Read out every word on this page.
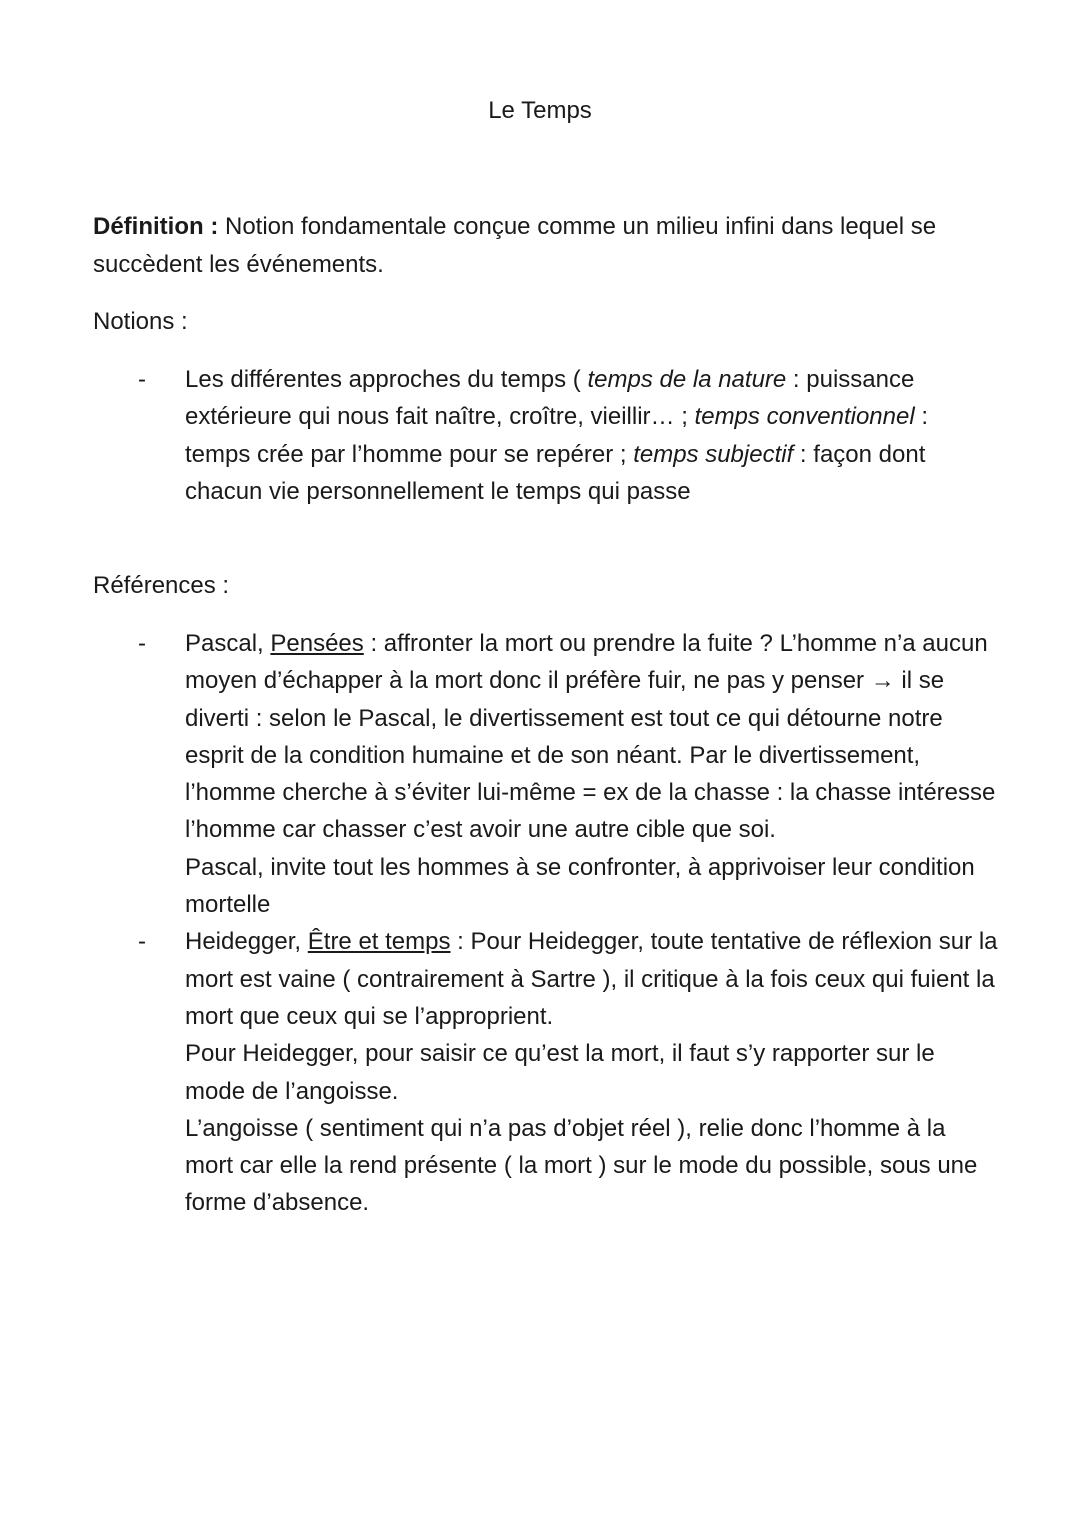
Le Temps
Définition : Notion fondamentale conçue comme un milieu infini dans lequel se succèdent les événements.
Notions :
- Les différentes approches du temps ( temps de la nature : puissance extérieure qui nous fait naître, croître, vieillir… ; temps conventionnel : temps crée par l’homme pour se repérer ; temps subjectif : façon dont chacun vie personnellement le temps qui passe
Références :
- Pascal, Pensées : affronter la mort ou prendre la fuite ? L’homme n’a aucun moyen d’échapper à la mort donc il préfère fuir, ne pas y penser → il se diverti : selon le Pascal, le divertissement est tout ce qui détourne notre esprit de la condition humaine et de son néant. Par le divertissement, l’homme cherche à s’éviter lui-même = ex de la chasse : la chasse intéresse l’homme car chasser c’est avoir une autre cible que soi.
Pascal, invite tout les hommes à se confronter, à apprivoiser leur condition mortelle
- Heidegger, Être et temps : Pour Heidegger, toute tentative de réflexion sur la mort est vaine ( contrairement à Sartre ), il critique à la fois ceux qui fuient la mort que ceux qui se l’approprient.
Pour Heidegger, pour saisir ce qu’est la mort, il faut s’y rapporter sur le mode de l’angoisse.
L’angoisse ( sentiment qui n’a pas d’objet réel ), relie donc l’homme à la mort car elle la rend présente ( la mort ) sur le mode du possible, sous une forme d’absence.
